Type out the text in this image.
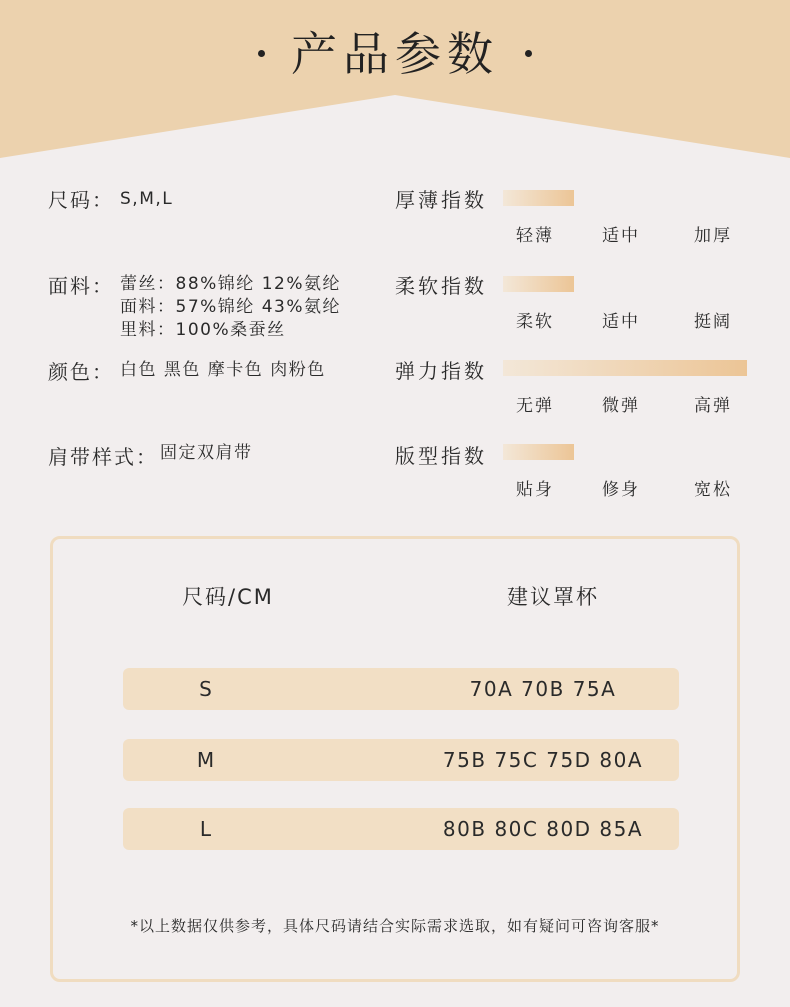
产品参数
尺码： S,M,L
面料： 蕾丝：88%锦纶 12%氨纶
面料：57%锦纶 43%氨纶
里料：100%桑蚕丝
颜色： 白色 黑色 摩卡色 肉粉色
肩带样式： 固定双肩带
厚薄指数
轻薄	适中	加厚
柔软指数
柔软	适中	挺阔
弹力指数
无弹	微弹	高弹
版型指数
贴身	修身	宽松
尺码/CM	建议罩杯
S	70A 70B 75A
M	75B 75C 75D 80A
L	80B 80C 80D 85A
*以上数据仅供参考，具体尺码请结合实际需求选取，如有疑问可咨询客服*
